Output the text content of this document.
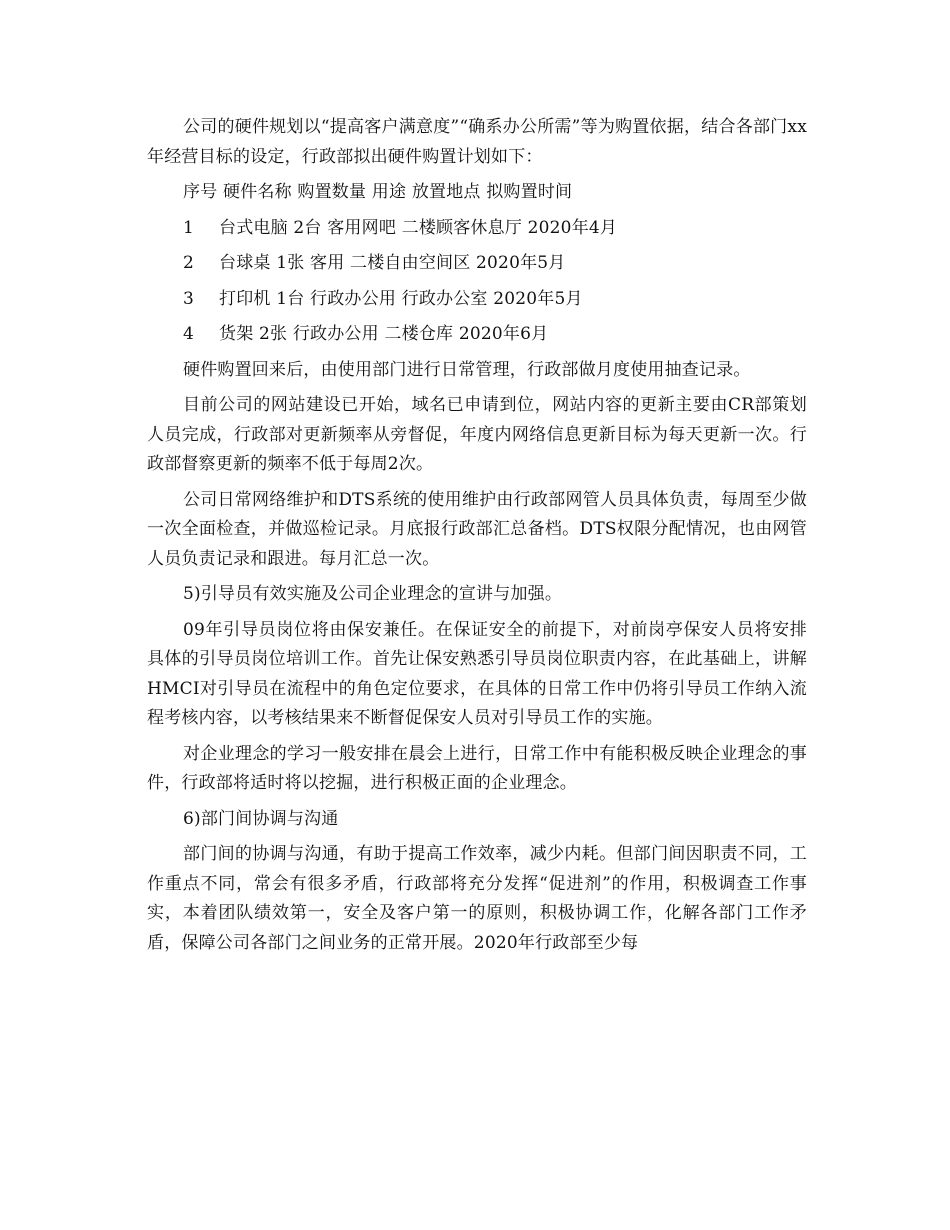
公司的硬件规划以“提高客户满意度”“确系办公所需”等为购置依据，结合各部门xx年经营目标的设定，行政部拟出硬件购置计划如下：

序号 硬件名称 购置数量 用途 放置地点 拟购置时间

1 台式电脑 2台 客用网吧 二楼顾客休息厅 2020年4月

2 台球桌 1张 客用 二楼自由空间区 2020年5月

3 打印机 1台 行政办公用 行政办公室 2020年5月

4 货架 2张 行政办公用 二楼仓库 2020年6月

硬件购置回来后，由使用部门进行日常管理，行政部做月度使用抽查记录。

目前公司的网站建设已开始，域名已申请到位，网站内容的更新主要由CR部策划人员完成，行政部对更新频率从旁督促，年度内网络信息更新目标为每天更新一次。行政部督察更新的频率不低于每周2次。

公司日常网络维护和DTS系统的使用维护由行政部网管人员具体负责，每周至少做一次全面检查，并做巡检记录。月底报行政部汇总备档。DTS权限分配情况，也由网管人员负责记录和跟进。每月汇总一次。

5)引导员有效实施及公司企业理念的宣讲与加强。

09年引导员岗位将由保安兼任。在保证安全的前提下，对前岗亭保安人员将安排具体的引导员岗位培训工作。首先让保安熟悉引导员岗位职责内容，在此基础上，讲解HMCI对引导员在流程中的角色定位要求，在具体的日常工作中仍将引导员工作纳入流程考核内容，以考核结果来不断督促保安人员对引导员工作的实施。

对企业理念的学习一般安排在晨会上进行，日常工作中有能积极反映企业理念的事件，行政部将适时将以挖掘，进行积极正面的企业理念。

6)部门间协调与沟通

部门间的协调与沟通，有助于提高工作效率，减少内耗。但部门间因职责不同，工作重点不同，常会有很多矛盾，行政部将充分发挥“促进剂”的作用，积极调查工作事实，本着团队绩效第一，安全及客户第一的原则，积极协调工作，化解各部门工作矛盾，保障公司各部门之间业务的正常开展。2020年行政部至少每
